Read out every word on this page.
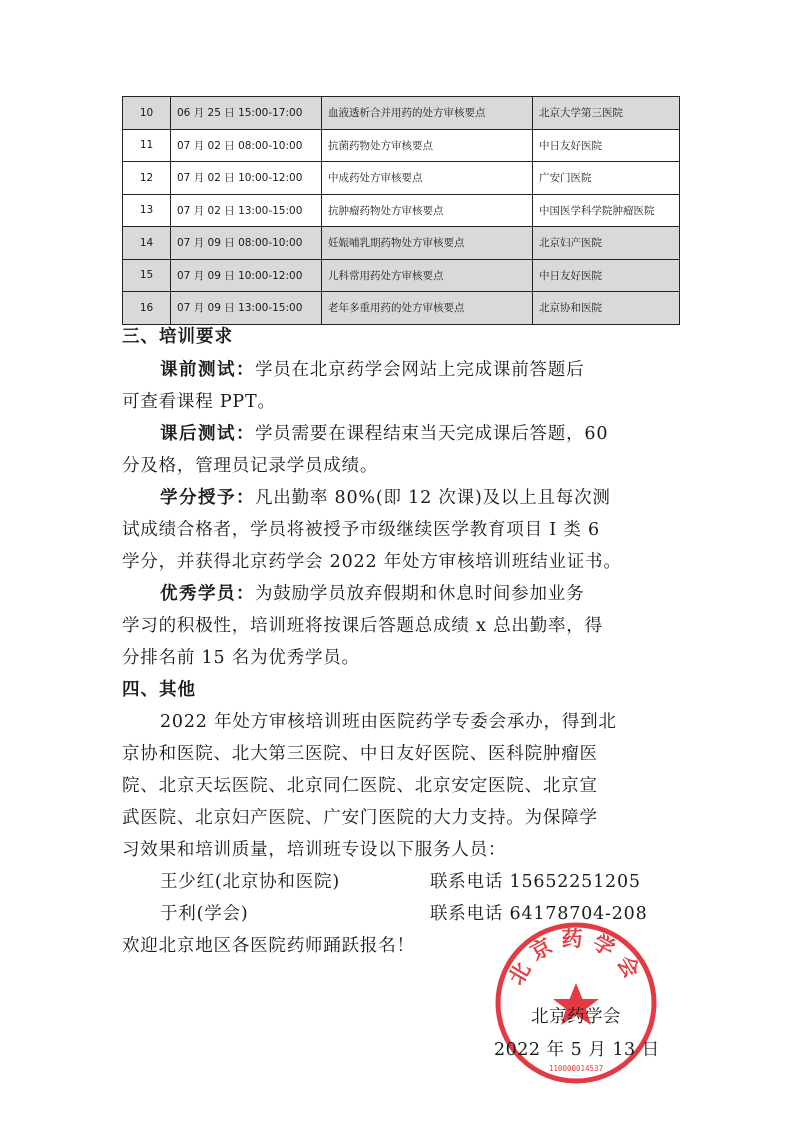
10	06 月 25 日 15:00-17:00	血液透析合并用药的处方审核要点	北京大学第三医院
11	07 月 02 日 08:00-10:00	抗菌药物处方审核要点	中日友好医院
12	07 月 02 日 10:00-12:00	中成药处方审核要点	广安门医院
13	07 月 02 日 13:00-15:00	抗肿瘤药物处方审核要点	中国医学科学院肿瘤医院
14	07 月 09 日 08:00-10:00	妊娠哺乳期药物处方审核要点	北京妇产医院
15	07 月 09 日 10:00-12:00	儿科常用药处方审核要点	中日友好医院
16	07 月 09 日 13:00-15:00	老年多重用药的处方审核要点	北京协和医院
三、培训要求
课前测试：学员在北京药学会网站上完成课前答题后
可查看课程 PPT。
课后测试：学员需要在课程结束当天完成课后答题，60
分及格，管理员记录学员成绩。
学分授予：凡出勤率 80%(即 12 次课)及以上且每次测
试成绩合格者，学员将被授予市级继续医学教育项目 I 类 6
学分，并获得北京药学会 2022 年处方审核培训班结业证书。
优秀学员：为鼓励学员放弃假期和休息时间参加业务
学习的积极性，培训班将按课后答题总成绩 x 总出勤率，得
分排名前 15 名为优秀学员。
四、其他
2022 年处方审核培训班由医院药学专委会承办，得到北
京协和医院、北大第三医院、中日友好医院、医科院肿瘤医
院、北京天坛医院、北京同仁医院、北京安定医院、北京宣
武医院、北京妇产医院、广安门医院的大力支持。为保障学
习效果和培训质量，培训班专设以下服务人员：
王少红(北京协和医院)	联系电话 15652251205
于利(学会)	联系电话 64178704-208
欢迎北京地区各医院药师踊跃报名！
北京药学会
110000014537
北京药学会
2022 年 5 月 13 日
